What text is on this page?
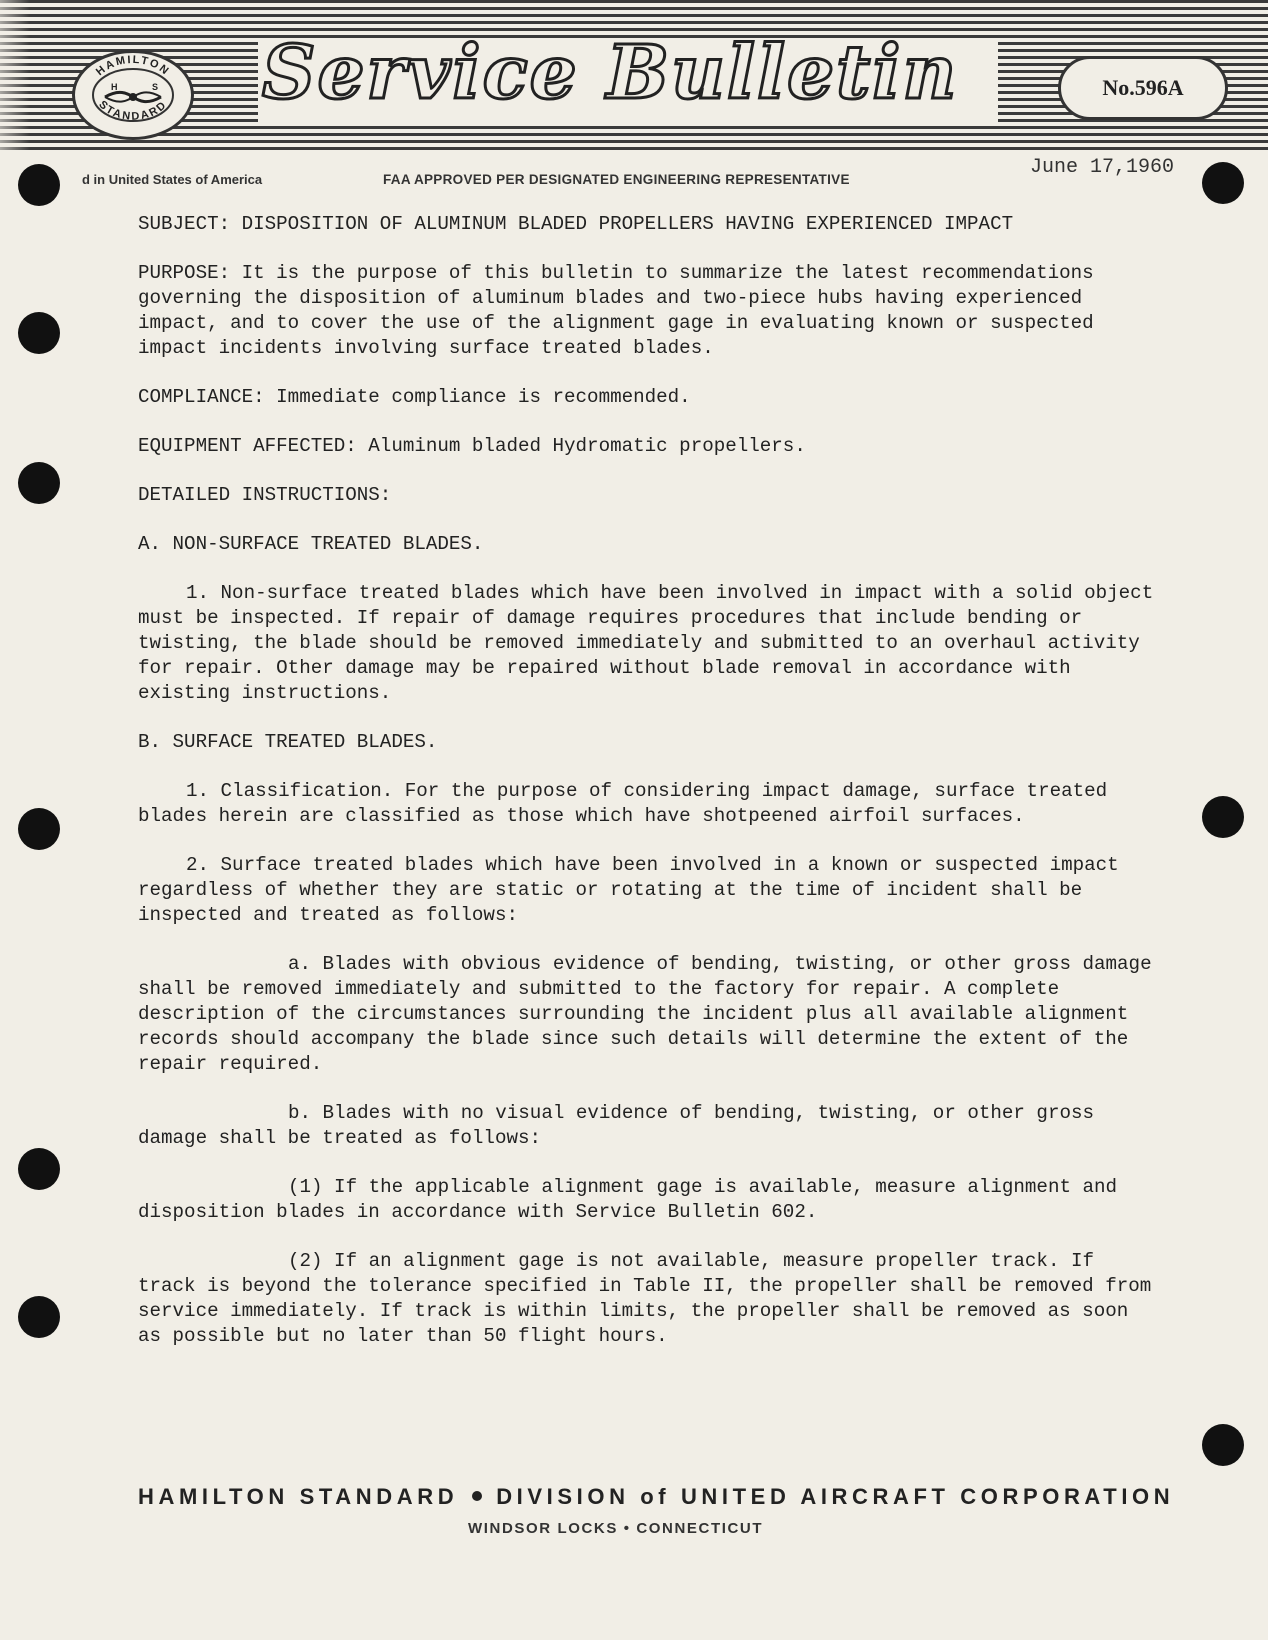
HAMILTON
STANDARD
H	S Service Bulletin	No.596A
d in United States of America	FAA APPROVED PER DESIGNATED ENGINEERING REPRESENTATIVE
June 17,1960

SUBJECT: DISPOSITION OF ALUMINUM BLADED PROPELLERS HAVING EXPERIENCED IMPACT

PURPOSE: It is the purpose of this bulletin to summarize the latest recommendations governing the disposition of aluminum blades and two-piece hubs having experienced impact, and to cover the use of the alignment gage in evaluating known or suspected impact incidents involving surface treated blades.

COMPLIANCE: Immediate compliance is recommended.

EQUIPMENT AFFECTED: Aluminum bladed Hydromatic propellers.

DETAILED INSTRUCTIONS:

A. NON-SURFACE TREATED BLADES.

1. Non-surface treated blades which have been involved in impact with a solid object must be inspected. If repair of damage requires procedures that include bending or twisting, the blade should be removed immediately and submitted to an overhaul activity for repair. Other damage may be repaired without blade removal in accordance with existing instructions.

B. SURFACE TREATED BLADES.

1. Classification. For the purpose of considering impact damage, surface treated blades herein are classified as those which have shotpeened airfoil surfaces.

2. Surface treated blades which have been involved in a known or suspected impact regardless of whether they are static or rotating at the time of incident shall be inspected and treated as follows:

a. Blades with obvious evidence of bending, twisting, or other gross damage shall be removed immediately and submitted to the factory for repair. A complete description of the circumstances surrounding the incident plus all available alignment records should accompany the blade since such details will determine the extent of the repair required.

b. Blades with no visual evidence of bending, twisting, or other gross damage shall be treated as follows:

(1) If the applicable alignment gage is available, measure alignment and disposition blades in accordance with Service Bulletin 602.

(2) If an alignment gage is not available, measure propeller track. If track is beyond the tolerance specified in Table II, the propeller shall be removed from service immediately. If track is within limits, the propeller shall be removed as soon as possible but no later than 50 flight hours.

HAMILTON STANDARD DIVISION of UNITED AIRCRAFT CORPORATION
WINDSOR LOCKS • CONNECTICUT
